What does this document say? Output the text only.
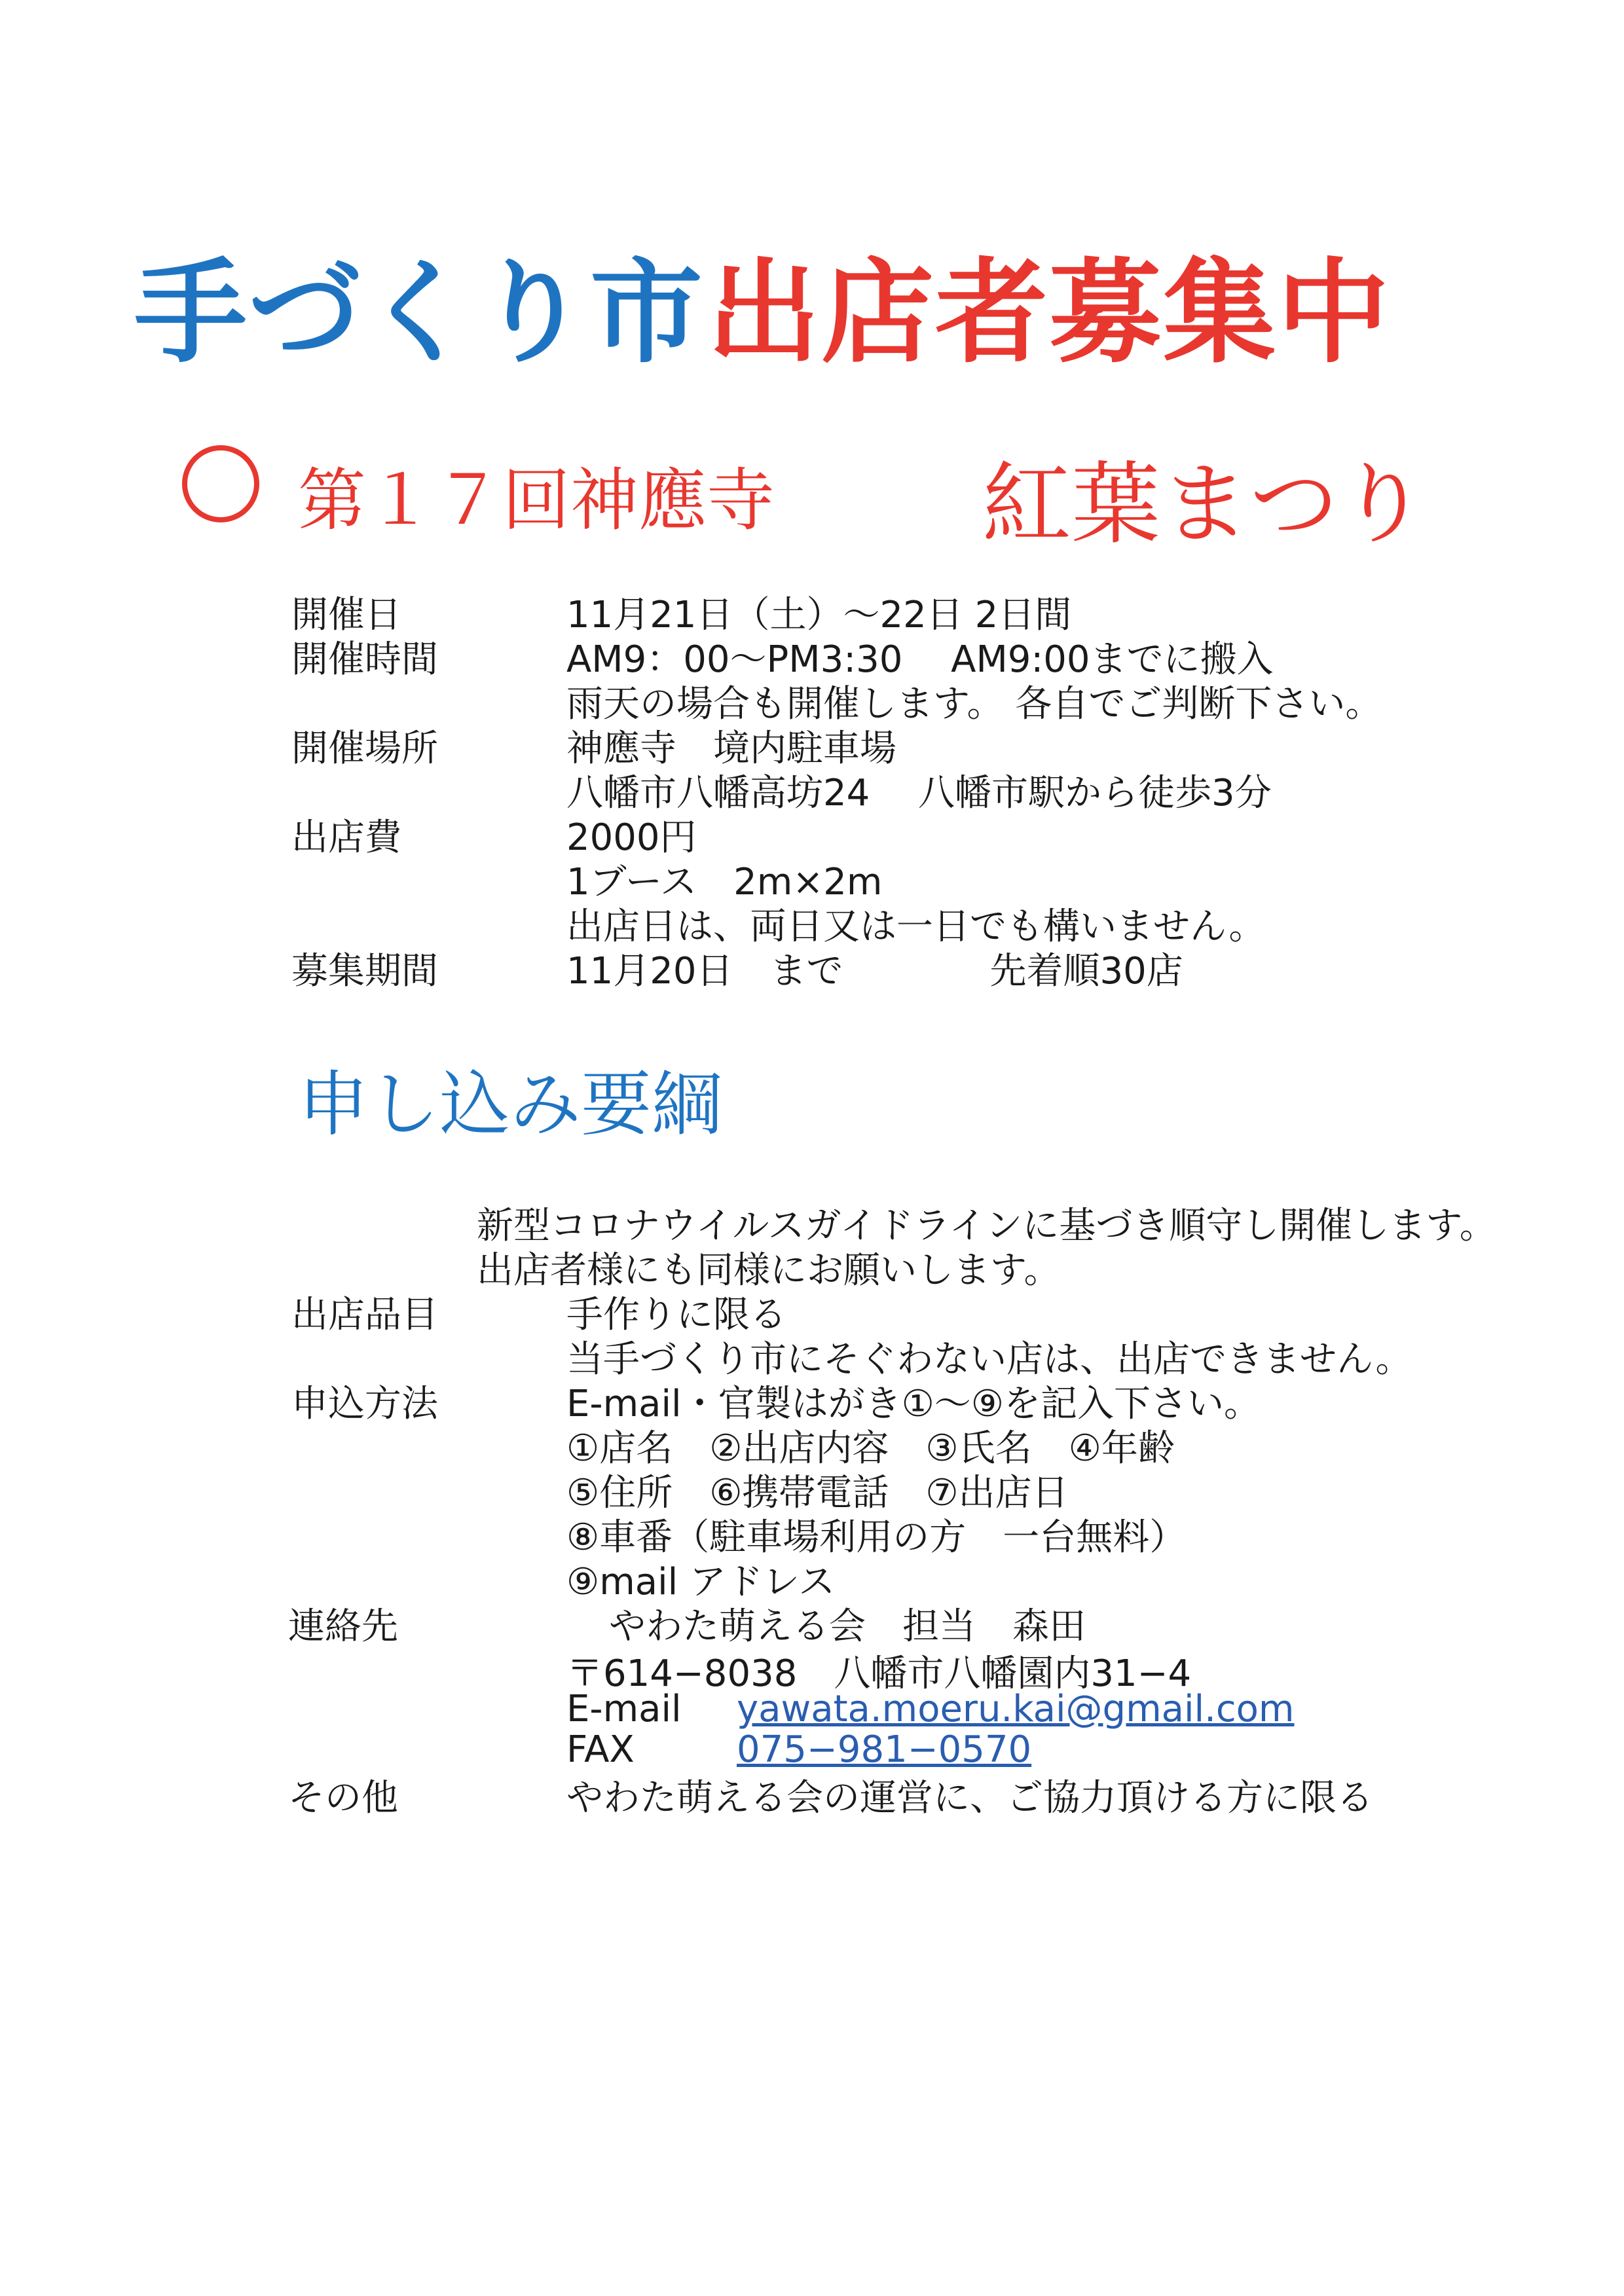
手づくり市 出店者募集中
第１７回神應寺 紅葉まつり
開催日	11月21日（土）～22日 2日間
開催時間	AM9：00～PM3:30　 AM9:00までに搬入
雨天の場合も開催します。 各自でご判断下さい。
開催場所	神應寺　境内駐車場
八幡市八幡高坊24　 八幡市駅から徒歩3分
出店費	2000円
1ブース　2m×2m
出店日は、両日又は一日でも構いません。
募集期間	11月20日　まで　　　　先着順30店
申し込み要綱
新型コロナウイルスガイドラインに基づき順守し開催します。
出店者様にも同様にお願いします。
出店品目	手作りに限る
当手づくり市にそぐわない店は、出店できません。
申込方法	E-mail・官製はがき①～⑨を記入下さい。
①店名　②出店内容　③氏名　④年齢
⑤住所　⑥携帯電話　⑦出店日
⑧車番（駐車場利用の方　一台無料）
⑨mail アドレス
連絡先	やわた萌える会　担当　森田
〒614−8038　八幡市八幡園内31−4
E-mail yawata.moeru.kai@gmail.com
FAX	075−981−0570
その他	やわた萌える会の運営に、ご協力頂ける方に限る
